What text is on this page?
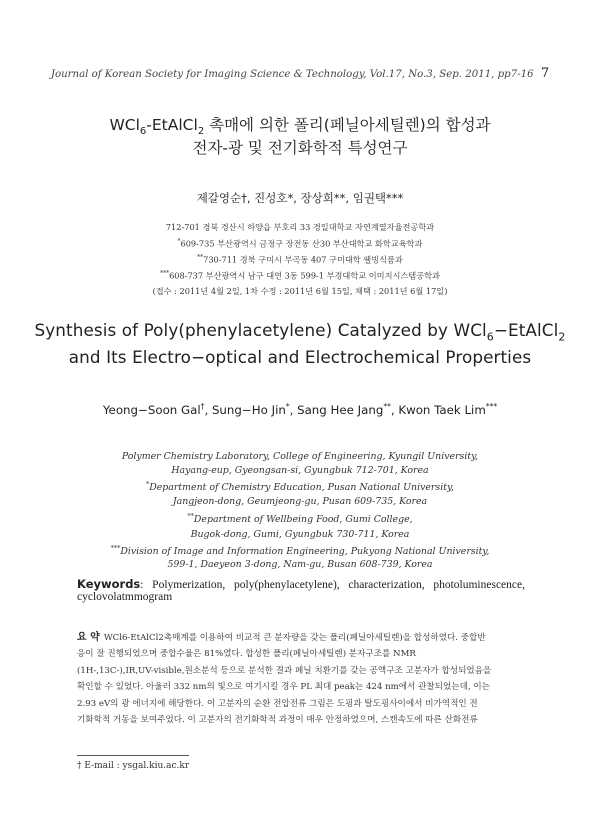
Journal of Korean Society for Imaging Science & Technology, Vol.17, No.3, Sep. 2011, pp7-16 7
WCl$_6$-EtAlCl$_2$ 촉매에 의한 폴리(페닐아세틸렌)의 합성과
전자-광 및 전기화학적 특성연구
제갈영순†, 진성호*, 장상희**, 임권택***
712-701 경북 경산시 하양읍 부호리 33 경일대학교 자연계열자율전공학과
*609-735 부산광역시 금정구 장전동 산30 부산대학교 화학교육학과
**730-711 경북 구미시 부곡동 407 구미대학 웰빙식품과
***608-737 부산광역시 남구 대연 3동 599-1 부경대학교 이미지시스템공학과
(접수 : 2011년 4월 2일, 1차 수정 : 2011년 6월 15일, 채택 : 2011년 6월 17일)
Synthesis of Poly(phenylacetylene) Catalyzed by WCl$_6$−EtAlCl$_2$
and Its Electro−optical and Electrochemical Properties
Yeong−Soon Gal†, Sung−Ho Jin*, Sang Hee Jang**, Kwon Taek Lim***
Polymer Chemistry Laboratory, College of Engineering, Kyungil University,
Hayang-eup, Gyeongsan-si, Gyungbuk 712-701, Korea
*Department of Chemistry Education, Pusan National University,
Jangjeon-dong, Geumjeong-gu, Pusan 609-735, Korea
**Department of Wellbeing Food, Gumi College,
Bugok-dong, Gumi, Gyungbuk 730-711, Korea
***Division of Image and Information Engineering, Pukyong National University,
599-1, Daeyeon 3-dong, Nam-gu, Busan 608-739, Korea
Keywords: Polymerization, poly(phenylacetylene), characterization, photoluminescence,
cyclovolatmmogram
요 약 WCl6-EtAlCl2촉매계를 이용하여 비교적 큰 분자량을 갖는 폴리(페닐아세틸렌)을 합성하였다. 중합반
응이 잘 진행되었으며 중합수율은 81%였다. 합성한 폴리(페닐아세틸렌) 분자구조를 NMR
(1H-,13C-),IR,UV-visible,원소분석 등으로 분석한 결과 페닐 치환기를 갖는 공액구조 고분자가 합성되었음을
확인할 수 있었다. 아울러 332 nm의 빛으로 여기시킬 경우 PL 최대 peak는 424 nm에서 관찰되었는데, 이는
2.93 eV의 광 에너지에 해당한다. 이 고분자의 순환 전압전류 그림은 도핑과 탈도핑사이에서 비가역적인 전
기화학적 거동을 보여주었다. 이 고분자의 전기화학적 과정이 매우 안정하였으며, 스캔속도에 따른 산화전류
† E-mail : ysgal.kiu.ac.kr
